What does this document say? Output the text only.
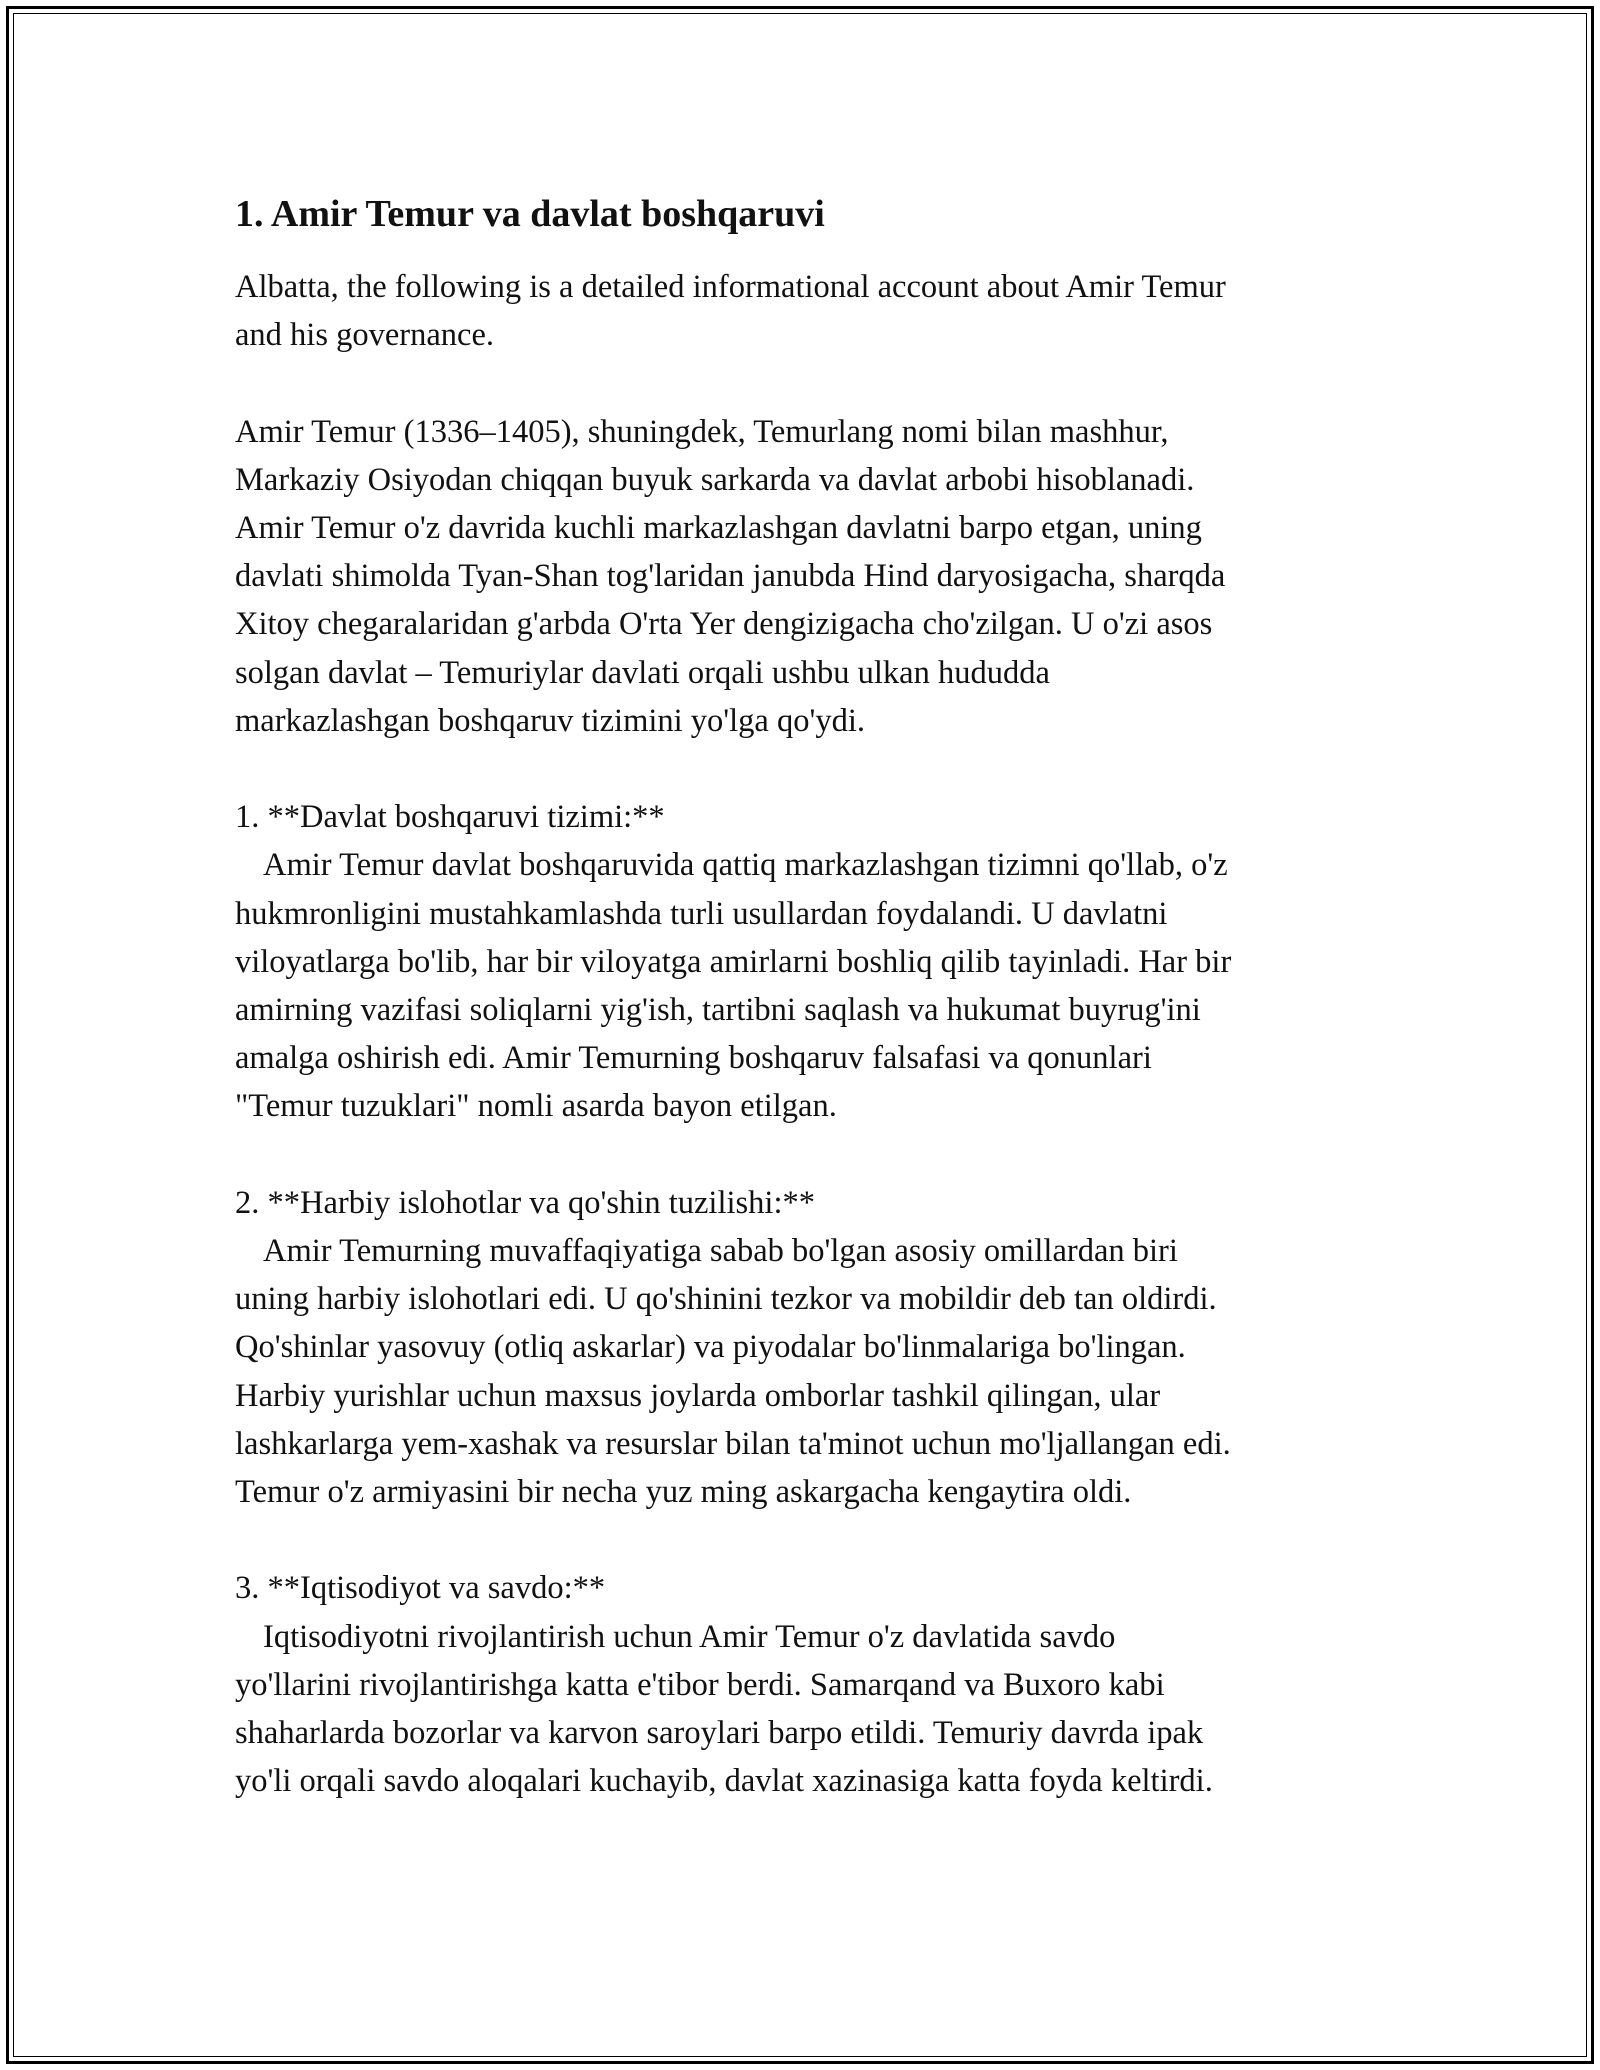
1. Amir Temur va davlat boshqaruvi
Albatta, the following is a detailed informational account about Amir Temur
and his governance.
Amir Temur (1336–1405), shuningdek, Temurlang nomi bilan mashhur,
Markaziy Osiyodan chiqqan buyuk sarkarda va davlat arbobi hisoblanadi.
Amir Temur o'z davrida kuchli markazlashgan davlatni barpo etgan, uning
davlati shimolda Tyan-Shan tog'laridan janubda Hind daryosigacha, sharqda
Xitoy chegaralaridan g'arbda O'rta Yer dengizigacha cho'zilgan. U o'zi asos
solgan davlat – Temuriylar davlati orqali ushbu ulkan hududda
markazlashgan boshqaruv tizimini yo'lga qo'ydi.
1. **Davlat boshqaruvi tizimi:**
Amir Temur davlat boshqaruvida qattiq markazlashgan tizimni qo'llab, o'z
hukmronligini mustahkamlashda turli usullardan foydalandi. U davlatni
viloyatlarga bo'lib, har bir viloyatga amirlarni boshliq qilib tayinladi. Har bir
amirning vazifasi soliqlarni yig'ish, tartibni saqlash va hukumat buyrug'ini
amalga oshirish edi. Amir Temurning boshqaruv falsafasi va qonunlari
"Temur tuzuklari" nomli asarda bayon etilgan.
2. **Harbiy islohotlar va qo'shin tuzilishi:**
Amir Temurning muvaffaqiyatiga sabab bo'lgan asosiy omillardan biri
uning harbiy islohotlari edi. U qo'shinini tezkor va mobildir deb tan oldirdi.
Qo'shinlar yasovuy (otliq askarlar) va piyodalar bo'linmalariga bo'lingan.
Harbiy yurishlar uchun maxsus joylarda omborlar tashkil qilingan, ular
lashkarlarga yem-xashak va resurslar bilan ta'minot uchun mo'ljallangan edi.
Temur o'z armiyasini bir necha yuz ming askargacha kengaytira oldi.
3. **Iqtisodiyot va savdo:**
Iqtisodiyotni rivojlantirish uchun Amir Temur o'z davlatida savdo
yo'llarini rivojlantirishga katta e'tibor berdi. Samarqand va Buxoro kabi
shaharlarda bozorlar va karvon saroylari barpo etildi. Temuriy davrda ipak
yo'li orqali savdo aloqalari kuchayib, davlat xazinasiga katta foyda keltirdi.
